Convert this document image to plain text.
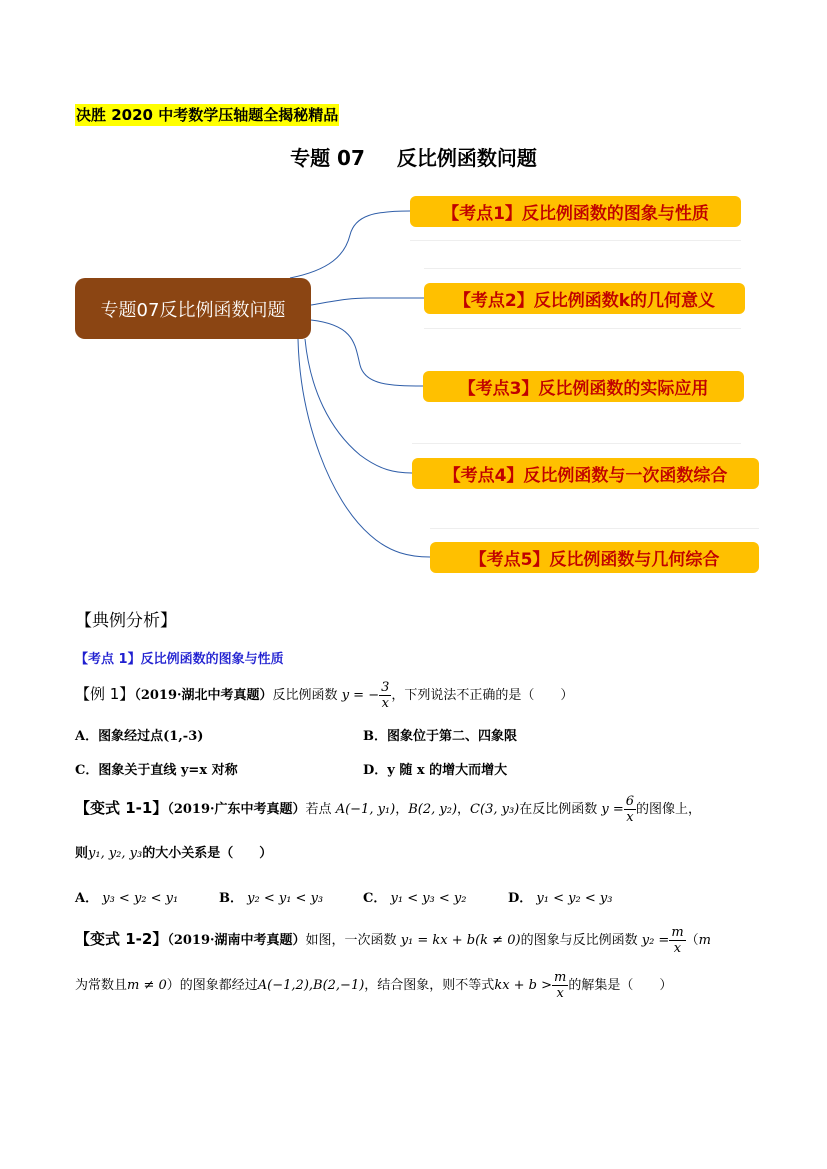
决胜 2020 中考数学压轴题全揭秘精品
专题 07 反比例函数问题
专题07反比例函数问题
【考点1】反比例函数的图象与性质
【考点2】反比例函数k的几何意义
【考点3】反比例函数的实际应用
【考点4】反比例函数与一次函数综合
【考点5】反比例函数与几何综合
【典例分析】
【考点 1】反比例函数的图象与性质
【例 1】（2019·湖北中考真题）反比例函数 y = − $\frac{3}{x}$ ，下列说法不正确的是（　　）
A．图象经过点(1,-3)	B．图象位于第二、四象限
C．图象关于直线 y=x 对称	D．y 随 x 的增大而增大
【变式 1-1】（2019·广东中考真题）若点 A(−1, y₁)，B(2, y₂)，C(3, y₃)在反比例函数 $y = \frac{6}{x}$ 的图像上，
则y₁, y₂, y₃的大小关系是（　　）
A． y₃ < y₂ < y₁	B． y₂ < y₁ < y₃	C． y₁ < y₃ < y₂	D． y₁ < y₂ < y₃
【变式 1-2】（2019·湖南中考真题）如图，一次函数 y₁ = kx + b(k ≠ 0)的图象与反比例函数 $y_2 = \frac{m}{x} (m$
为常数且m ≠ 0）的图象都经过A(−1,2),B(2,−1)，结合图象，则不等式kx + $b > \frac{m}{x}$ 的解集是（　　）
